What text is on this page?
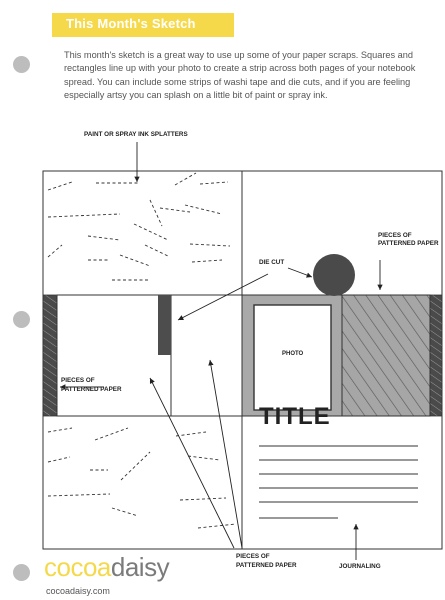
This Month's Sketch

This month's sketch is a great way to use up some of your paper scraps. Squares and rectangles line up with your photo to create a strip across both pages of your notebook spread. You can include some strips of washi tape and die cuts, and if you are feeling especially artsy you can splash on a little bit of paint or spray ink.

PAINT OR SPRAY INK SPLATTERS
DIE CUT
PIECES OF
PATTERNED PAPER
PIECES OF
PATTERNED PAPER
PIECES OF
PATTERNED PAPER	JOURNALING
PHOTO
TITLE
cocoadaisy
cocoadaisy.com
